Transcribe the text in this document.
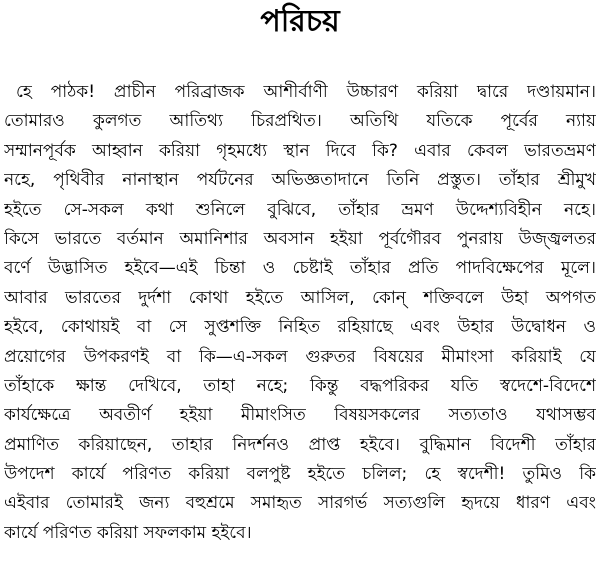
পরিচয়
হে পাঠক! প্রাচীন পরিব্রাজক আশীর্বাণী উচ্চারণ করিয়া দ্বারে দণ্ডায়মান।
তোমারও কুলগত আতিথ্য চিরপ্রথিত। অতিথি যতিকে পূর্বের ন্যায়
সম্মানপূর্বক আহ্বান করিয়া গৃহমধ্যে স্থান দিবে কি? এবার কেবল ভারতভ্রমণ
নহে, পৃথিবীর নানাস্থান পর্যটনের অভিজ্ঞতাদানে তিনি প্রস্তুত। তাঁহার শ্রীমুখ
হইতে সে-সকল কথা শুনিলে বুঝিবে, তাঁহার ভ্রমণ উদ্দেশ্যবিহীন নহে।
কিসে ভারতে বর্তমান অমানিশার অবসান হইয়া পূর্বগৌরব পুনরায় উজ্জ্বলতর
বর্ণে উদ্ভাসিত হইবে—এই চিন্তা ও চেষ্টাই তাঁহার প্রতি পাদবিক্ষেপের মূলে।
আবার ভারতের দুর্দশা কোথা হইতে আসিল, কোন্ শক্তিবলে উহা অপগত
হইবে, কোথায়ই বা সে সুপ্তশক্তি নিহিত রহিয়াছে এবং উহার উদ্বোধন ও
প্রয়োগের উপকরণই বা কি—এ-সকল গুরুতর বিষয়ের মীমাংসা করিয়াই যে
তাঁহাকে ক্ষান্ত দেখিবে, তাহা নহে; কিন্তু বদ্ধপরিকর যতি স্বদেশে-বিদেশে
কার্যক্ষেত্রে অবতীর্ণ হইয়া মীমাংসিত বিষয়সকলের সত্যতাও যথাসম্ভব
প্রমাণিত করিয়াছেন, তাহার নিদর্শনও প্রাপ্ত হইবে। বুদ্ধিমান বিদেশী তাঁহার
উপদেশ কার্যে পরিণত করিয়া বলপুষ্ট হইতে চলিল; হে স্বদেশী! তুমিও কি
এইবার তোমারই জন্য বহুশ্রমে সমাহৃত সারগর্ভ সত্যগুলি হৃদয়ে ধারণ এবং
কার্যে পরিণত করিয়া সফলকাম হইবে।
